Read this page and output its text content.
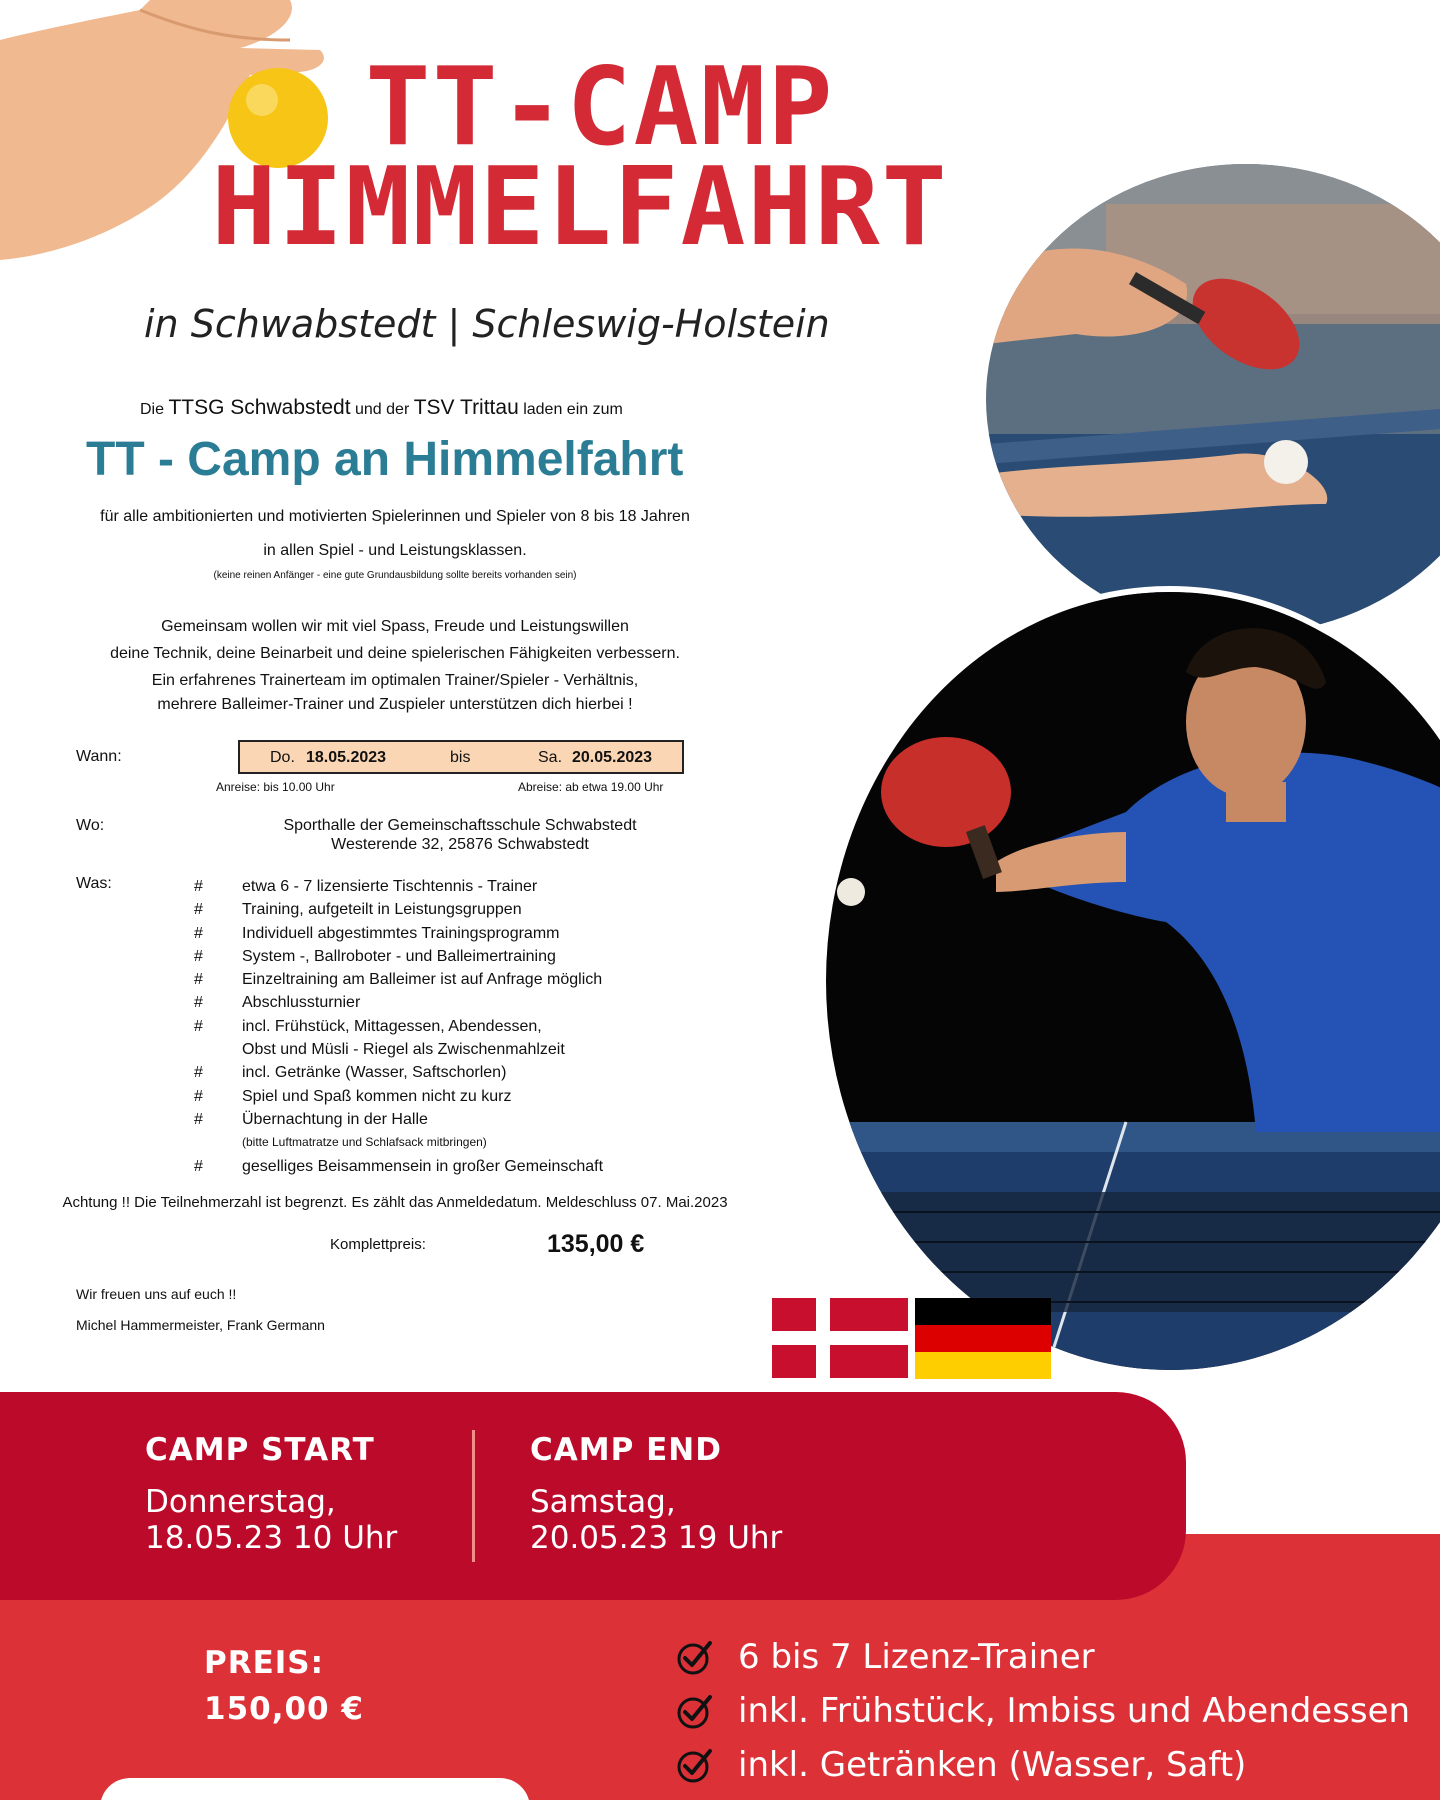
TT-CAMP
HIMMELFAHRT
in Schwabstedt | Schleswig-Holstein
Die TTSG Schwabstedt und der TSV Trittau laden ein zum
TT - Camp an Himmelfahrt
für alle ambitionierten und motivierten Spielerinnen und Spieler von 8 bis 18 Jahren
in allen Spiel - und Leistungsklassen.
(keine reinen Anfänger - eine gute Grundausbildung sollte bereits vorhanden sein)
Gemeinsam wollen wir mit viel Spass, Freude und Leistungswillen
deine Technik, deine Beinarbeit und deine spielerischen Fähigkeiten verbessern.
Ein erfahrenes Trainerteam im optimalen Trainer/Spieler - Verhältnis,
mehrere Balleimer-Trainer und Zuspieler unterstützen dich hierbei !
Wann:	Do. 18.05.2023	bis	Sa. 20.05.2023
Anreise: bis 10.00 Uhr	Abreise: ab etwa 19.00 Uhr
Wo:	Sporthalle der Gemeinschaftsschule Schwabstedt
Westerende 32, 25876 Schwabstedt
Was:	#	etwa 6 - 7 lizensierte Tischtennis - Trainer
#	Training, aufgeteilt in Leistungsgruppen
#	Individuell abgestimmtes Trainingsprogramm
#	System -, Ballroboter - und Balleimertraining
#	Einzeltraining am Balleimer ist auf Anfrage möglich
#	Abschlussturnier
#	incl. Frühstück, Mittagessen, Abendessen,
Obst und Müsli - Riegel als Zwischenmahlzeit
#	incl. Getränke (Wasser, Saftschorlen)
#	Spiel und Spaß kommen nicht zu kurz
#	Übernachtung in der Halle
(bitte Luftmatratze und Schlafsack mitbringen)
#	geselliges Beisammensein in großer Gemeinschaft
Achtung !! Die Teilnehmerzahl ist begrenzt. Es zählt das Anmeldedatum. Meldeschluss 07. Mai.2023
Komplettpreis:	135,00 €
Wir freuen uns auf euch !!
Michel Hammermeister, Frank Germann
CAMP START
Donnerstag,
18.05.23 10 Uhr
CAMP END
Samstag,
20.05.23 19 Uhr
PREIS:
150,00 €
6 bis 7 Lizenz-Trainer
inkl. Frühstück, Imbiss und Abendessen
inkl. Getränken (Wasser, Saft)
